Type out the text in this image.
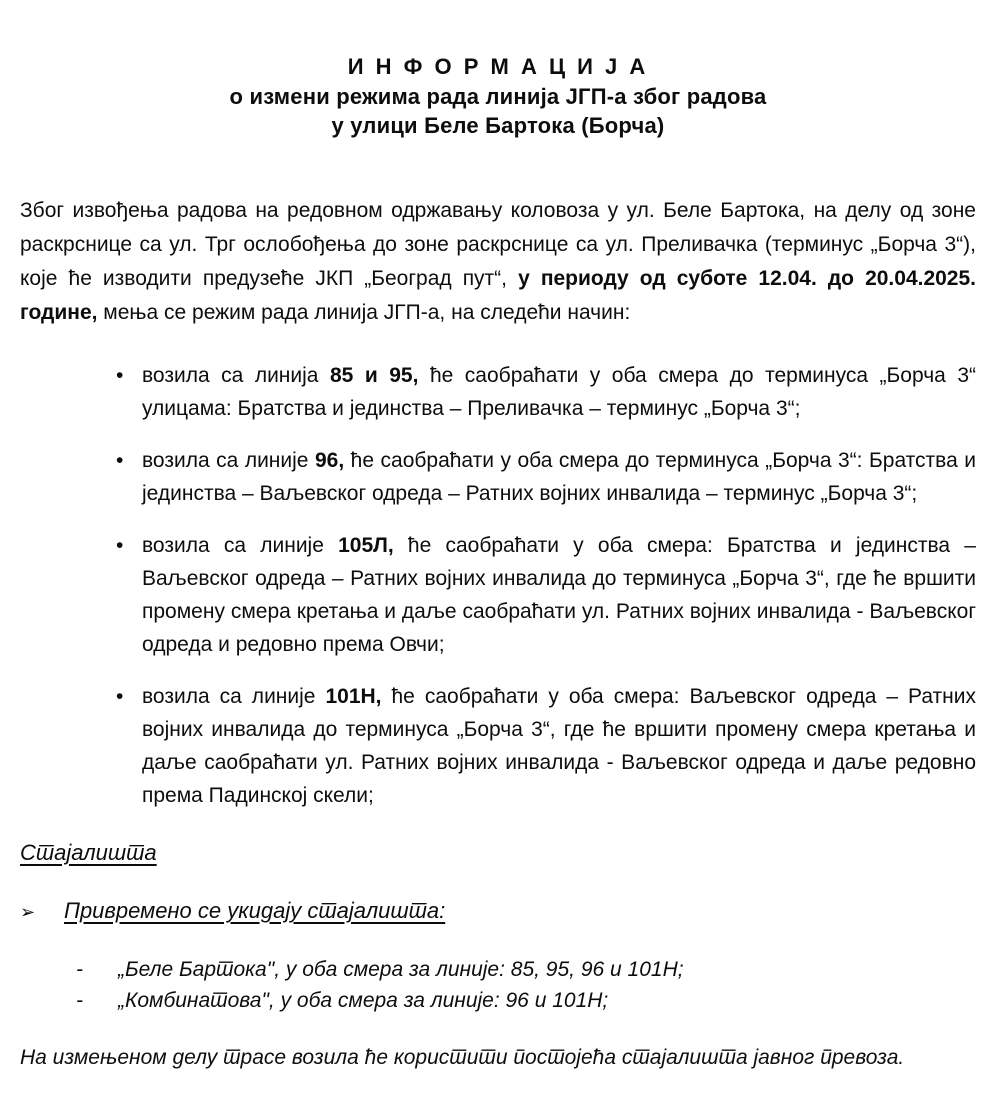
И Н Ф О Р М А Ц И Ј А
о измени режима рада линија ЈГП-а због радова
у улици Беле Бартока (Борча)

Због извођења радова на редовном одржавању коловоза у ул. Беле Бартока, на делу од зоне раскрснице са ул. Трг ослобођења до зоне раскрснице са ул. Преливачка (терминус „Борча 3“), које ће изводити предузеће ЈКП „Београд пут“, у периоду од суботе 12.04. до 20.04.2025. године, мења се режим рада линија ЈГП-а, на следећи начин:

• возила са линија 85 и 95, ће саобраћати у оба смера до терминуса „Борча 3“ улицама: Братства и јединства – Преливачка – терминус „Борча 3“;
• возила са линије 96, ће саобраћати у оба смера до терминуса „Борча 3“: Братства и јединства – Ваљевског одреда – Ратних војних инвалида – терминус „Борча 3“;
• возила са линије 105Л, ће саобраћати у оба смера: Братства и јединства – Ваљевског одреда – Ратних војних инвалида до терминуса „Борча 3“, где ће вршити промену смера кретања и даље саобраћати ул. Ратних војних инвалида - Ваљевског одреда и редовно према Овчи;
• возила са линије 101Н, ће саобраћати у оба смера: Ваљевског одреда – Ратних војних инвалида до терминуса „Борча 3“, где ће вршити промену смера кретања и даље саобраћати ул. Ратних војних инвалида - Ваљевског одреда и даље редовно према Падинској скели;
Стајалишта
➢ Привремено се укидају стајалишта:
- „Беле Бартока", у оба смера за линије: 85, 95, 96 и 101Н;
- „Комбинатова", у оба смера за линије: 96 и 101Н;

На измењеном делу трасе возила ће користити постојећа стајалишта јавног превоза.
